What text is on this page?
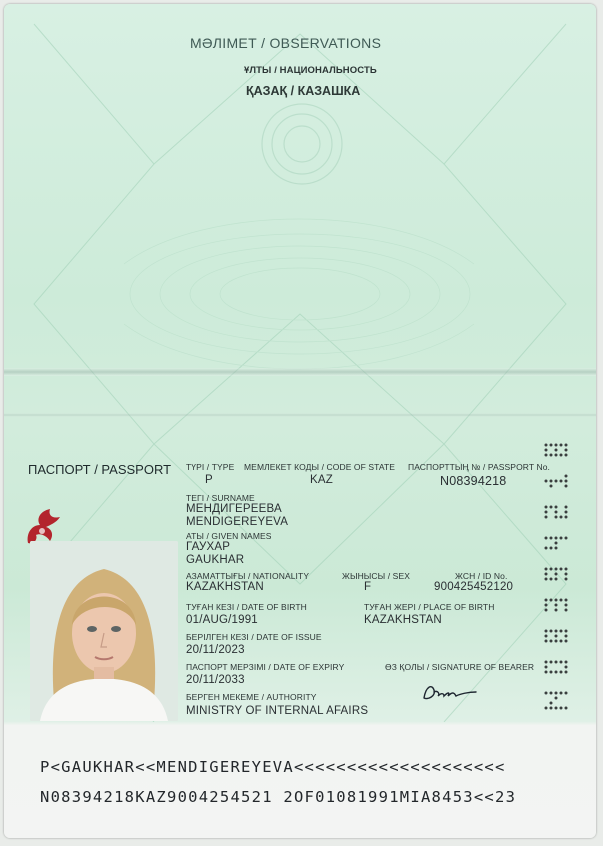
МӘЛІМЕТ / OBSERVATIONS
ҰЛТЫ / НАЦИОНАЛЬНОСТЬ
ҚАЗАҚ / КАЗАШКА
ПАСПОРТ / PASSPORT ТҮРІ / TYPE
P
МЕМЛЕКЕТ КОДЫ / CODE OF STATE
KAZ
ПАСПОРТТЫҢ № / PASSPORT No.
N08394218
ТЕГІ / SURNAME
МЕНДИГЕРЕЕВА
MENDIGEREYEVA
АТЫ / GIVEN NAMES
ГАУХАР
GAUKHAR
АЗАМАТТЫҒЫ / NATIONALITY
KAZAKHSTAN
ЖЫНЫСЫ / SEX
F
ЖСН / ID No.
900425452120
ТУҒАН КЕЗІ / DATE OF BIRTH
01/AUG/1991
ТУҒАН ЖЕРІ / PLACE OF BIRTH
KAZAKHSTAN
БЕРІЛГЕН КЕЗІ / DATE OF ISSUE
20/11/2023
ПАСПОРТ МЕРЗІМІ / DATE OF EXPIRY
20/11/2033
ӨЗ ҚОЛЫ / SIGNATURE OF BEARER
БЕРГЕН МЕКЕМЕ / AUTHORITY
MINISTRY OF INTERNAL AFAIRS
P<GAUKHAR<<MENDIGEREYEVA<<<<<<<<<<<<<<<<<<<<
N08394218KAZ9004254521 2OF01081991MIA8453<<23
